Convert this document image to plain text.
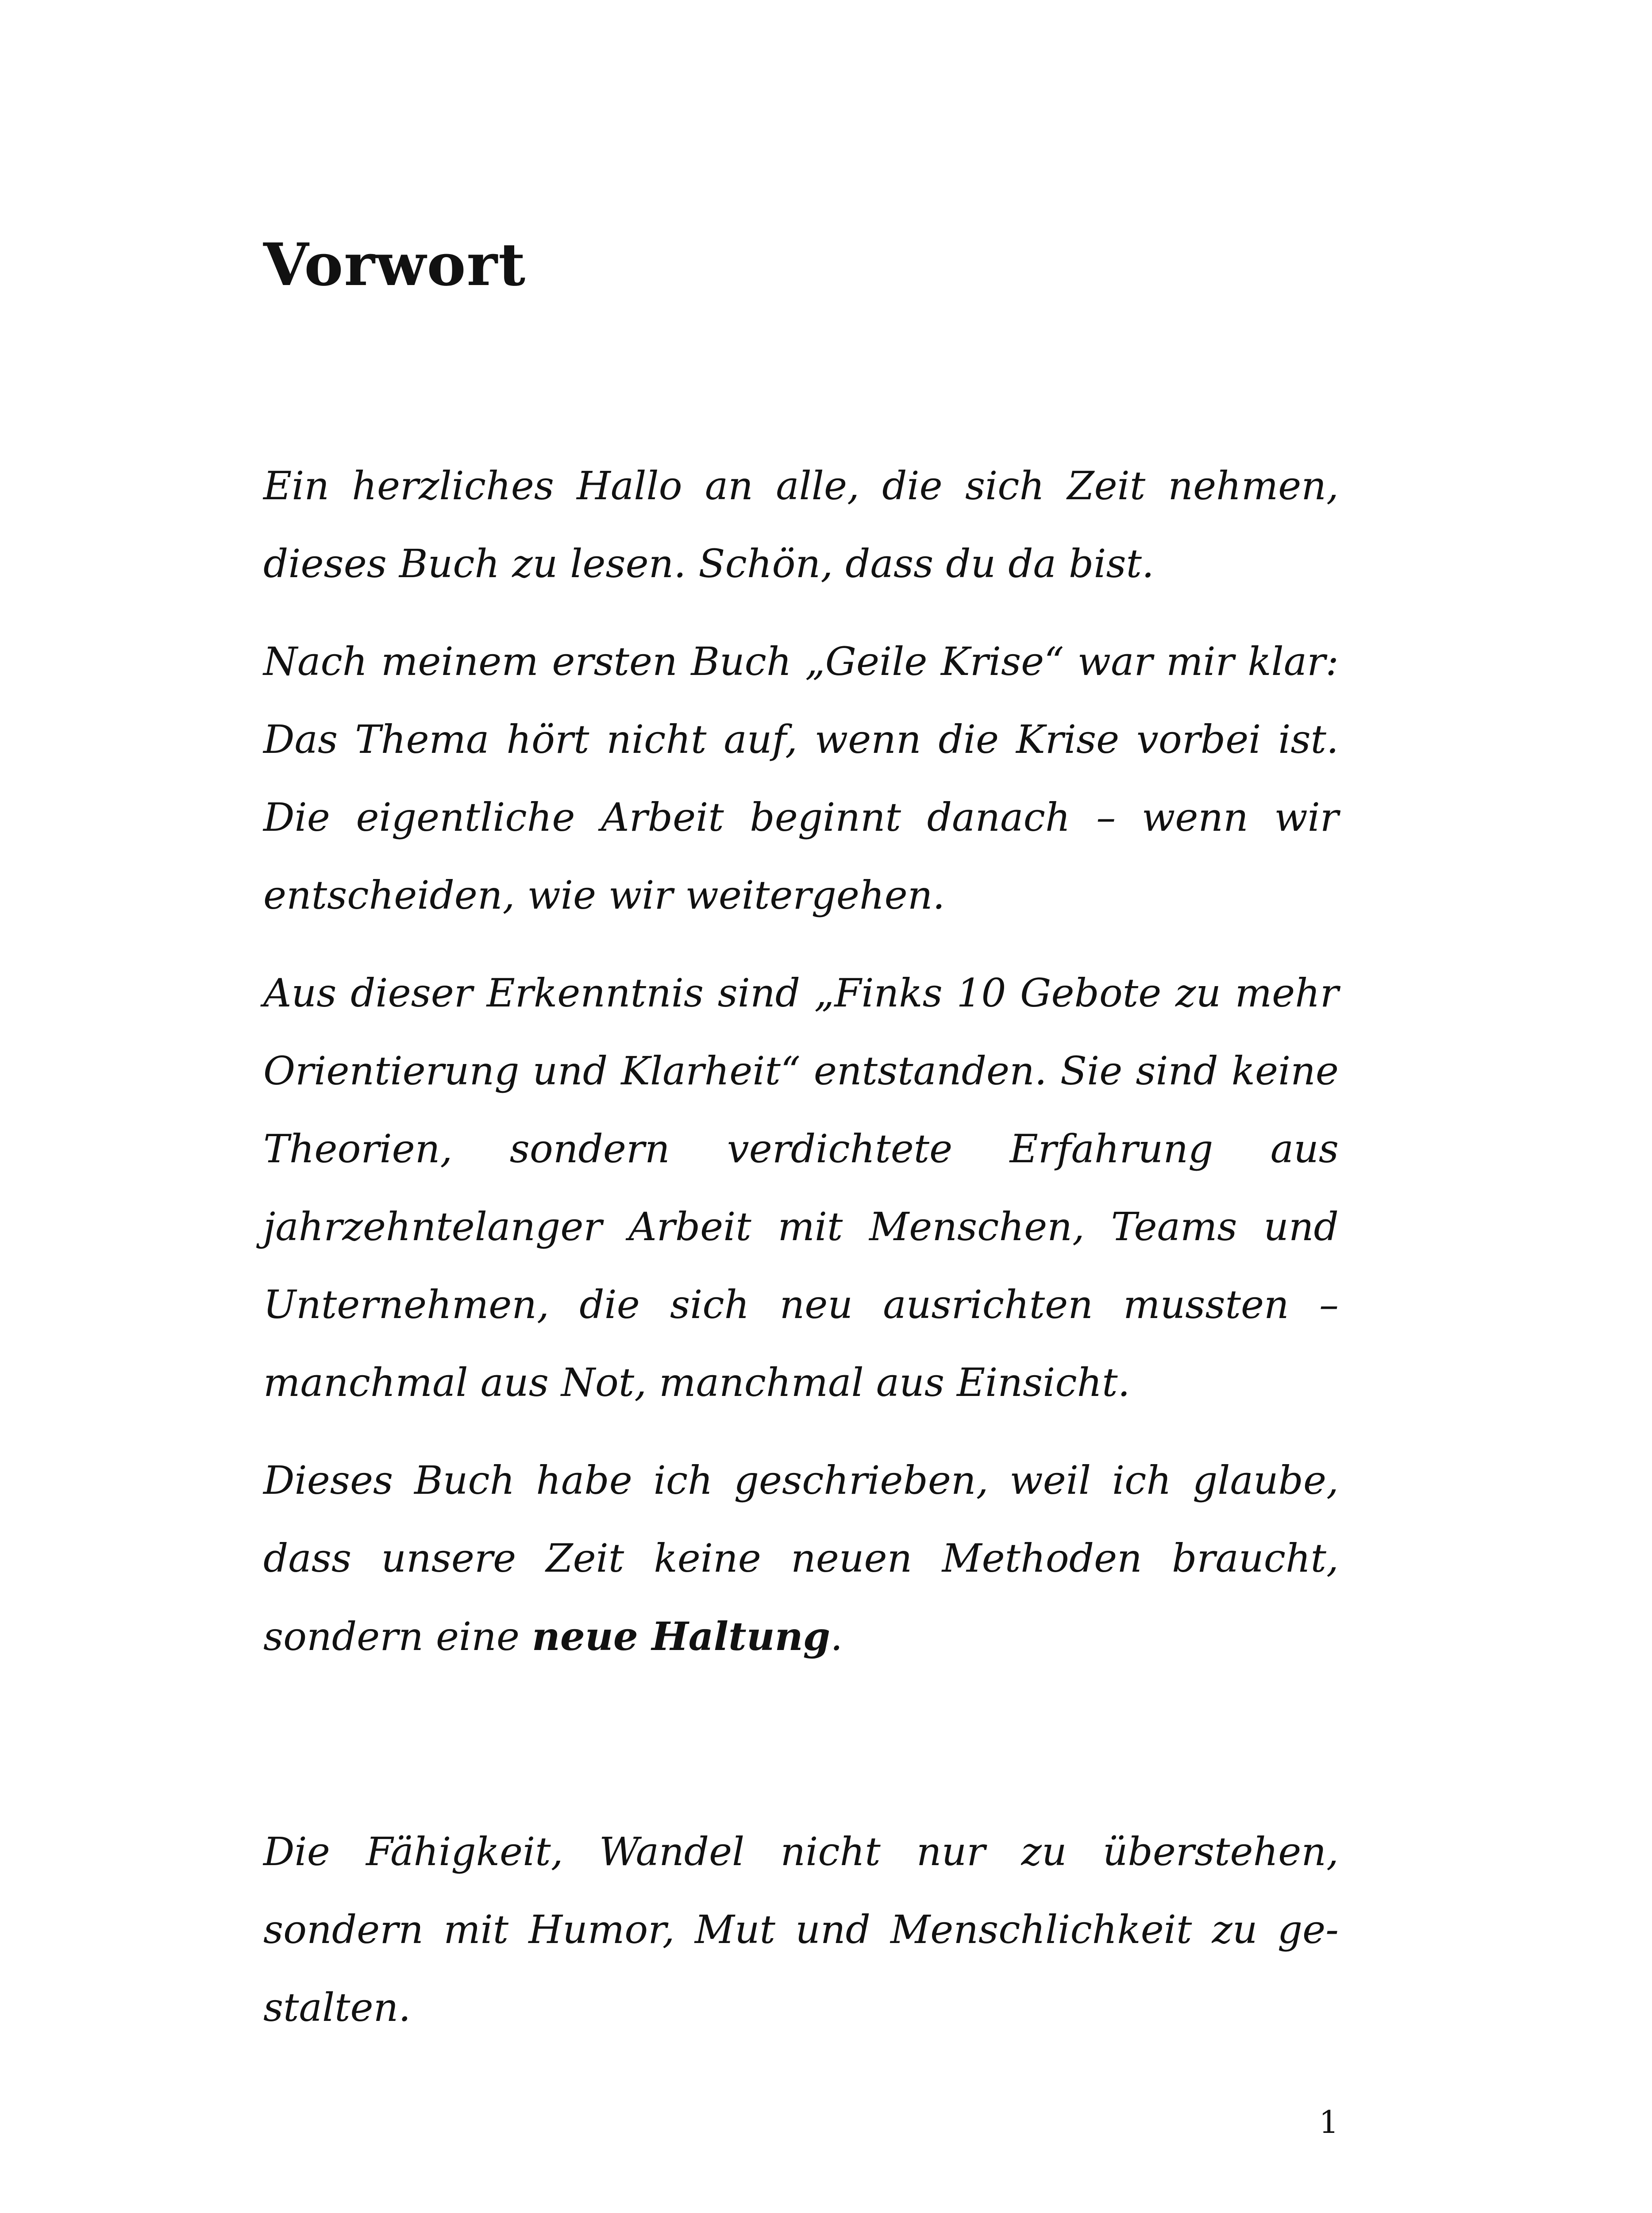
Vorwort

Ein herzliches Hallo an alle, die sich Zeit nehmen, dieses Buch zu lesen. Schön, dass du da bist.

Nach meinem ersten Buch „Geile Krise“ war mir klar: Das Thema hört nicht auf, wenn die Krise vorbei ist. Die eigentliche Arbeit beginnt danach – wenn wir entscheiden, wie wir weitergehen.

Aus dieser Erkenntnis sind „Finks 10 Gebote zu mehr Orientierung und Klarheit“ entstanden. Sie sind keine Theorien, sondern verdichtete Erfahrung aus jahrzehntelanger Arbeit mit Menschen, Teams und Unternehmen, die sich neu ausrichten mussten – manchmal aus Not, manchmal aus Einsicht.

Dieses Buch habe ich geschrieben, weil ich glaube, dass unsere Zeit keine neuen Methoden braucht, sondern eine neue Haltung.

Die Fähigkeit, Wandel nicht nur zu überstehen, sondern mit Humor, Mut und Menschlichkeit zu gestalten.

1
